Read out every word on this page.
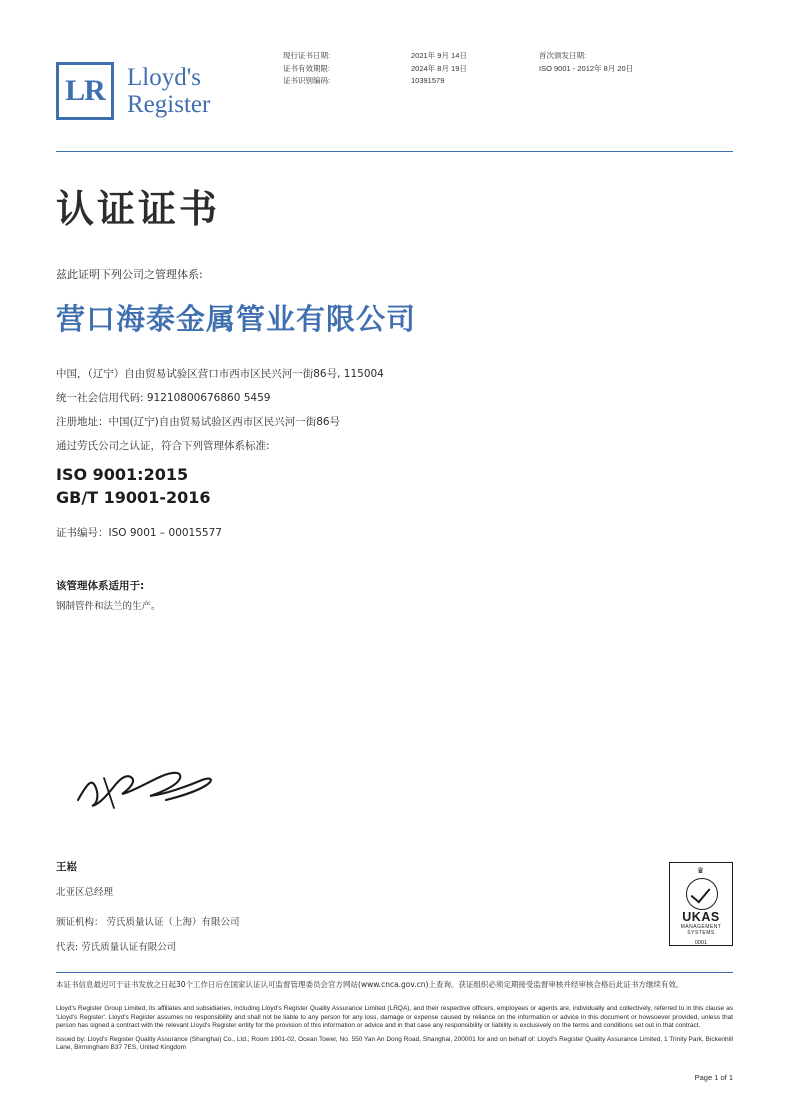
LR Lloyd's
Register
现行证书日期:
证书有效期限:
证书识别编码:
2021年 9月 14日
2024年 8月 19日
10391579
首次颁发日期:
ISO 9001 - 2012年 8月 20日
认证证书
兹此证明下列公司之管理体系:
营口海泰金属管业有限公司
中国，（辽宁）自由贸易试验区营口市西市区民兴河一街86号, 115004
统一社会信用代码: 91210800676860 5459
注册地址：中国(辽宁)自由贸易试验区西市区民兴河一街86号
通过劳氏公司之认证，符合下列管理体系标准:
ISO 9001:2015
GB/T 19001-2016
证书编号：ISO 9001 – 00015577
该管理体系适用于:
钢制管件和法兰的生产。
王崧
北亚区总经理
颁证机构： 劳氏质量认证（上海）有限公司
代表: 劳氏质量认证有限公司
♛
UKAS
MANAGEMENT
SYSTEMS
0001
本证书信息最迟可于证书发放之日起30个工作日后在国家认证认可监督管理委员会官方网站(www.cnca.gov.cn)上查询。获证组织必须定期接受监督审核并经审核合格后此证书方继续有效。

Lloyd's Register Group Limited, its affiliates and subsidiaries, including Lloyd's Register Quality Assurance Limited (LRQA), and their respective officers, employees or agents are, individually and collectively, referred to in this clause as 'Lloyd's Register'. Lloyd's Register assumes no responsibility and shall not be liable to any person for any loss, damage or expense caused by reliance on the information or advice in this document or howsoever provided, unless that person has signed a contract with the relevant Lloyd's Register entity for the provision of this information or advice and in that case any responsibility or liability is exclusively on the terms and conditions set out in that contract.

Issued by: Lloyd's Register Quality Assurance (Shanghai) Co., Ltd., Room 1901-02, Ocean Tower, No. 550 Yan An Dong Road, Shanghai, 200001 for and on behalf of: Lloyd's Register Quality Assurance Limited, 1 Trinity Park, Bickenhill Lane, Birmingham B37 7ES, United Kingdom

Page 1 of 1
